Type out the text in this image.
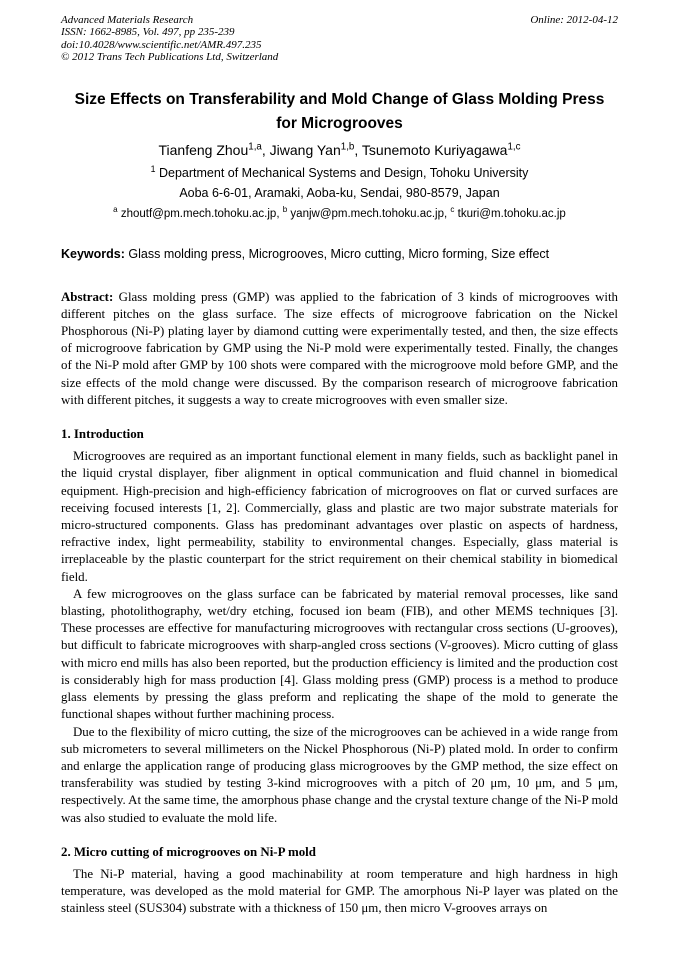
Advanced Materials Research
ISSN: 1662-8985, Vol. 497, pp 235-239
doi:10.4028/www.scientific.net/AMR.497.235
© 2012 Trans Tech Publications Ltd, Switzerland
Online: 2012-04-12
Size Effects on Transferability and Mold Change of Glass Molding Press for Microgrooves
Tianfeng Zhou$^{1,a}$, Jiwang Yan$^{1,b}$, Tsunemoto Kuriyagawa$^{1,c}$
$^1$ Department of Mechanical Systems and Design, Tohoku University
Aoba 6-6-01, Aramaki, Aoba-ku, Sendai, 980-8579, Japan
$^a$ zhoutf@pm.mech.tohoku.ac.jp, $^b$ yanjw@pm.mech.tohoku.ac.jp, $^c$ tkuri@m.tohoku.ac.jp
Keywords: Glass molding press, Microgrooves, Micro cutting, Micro forming, Size effect

Abstract: Glass molding press (GMP) was applied to the fabrication of 3 kinds of microgrooves with different pitches on the glass surface. The size effects of microgroove fabrication on the Nickel Phosphorous (Ni-P) plating layer by diamond cutting were experimentally tested, and then, the size effects of microgroove fabrication by GMP using the Ni-P mold were experimentally tested. Finally, the changes of the Ni-P mold after GMP by 100 shots were compared with the microgroove mold before GMP, and the size effects of the mold change were discussed. By the comparison research of microgroove fabrication with different pitches, it suggests a way to create microgrooves with even smaller size.

1. Introduction

Microgrooves are required as an important functional element in many fields, such as backlight panel in the liquid crystal displayer, fiber alignment in optical communication and fluid channel in biomedical equipment. High-precision and high-efficiency fabrication of microgrooves on flat or curved surfaces are receiving focused interests [1, 2]. Commercially, glass and plastic are two major substrate materials for micro-structured components. Glass has predominant advantages over plastic on aspects of hardness, refractive index, light permeability, stability to environmental changes. Especially, glass material is irreplaceable by the plastic counterpart for the strict requirement on their chemical stability in biomedical field.

A few microgrooves on the glass surface can be fabricated by material removal processes, like sand blasting, photolithography, wet/dry etching, focused ion beam (FIB), and other MEMS techniques [3]. These processes are effective for manufacturing microgrooves with rectangular cross sections (U-grooves), but difficult to fabricate microgrooves with sharp-angled cross sections (V-grooves). Micro cutting of glass with micro end mills has also been reported, but the production efficiency is limited and the production cost is considerably high for mass production [4]. Glass molding press (GMP) process is a method to produce glass elements by pressing the glass preform and replicating the shape of the mold to generate the functional shapes without further machining process.

Due to the flexibility of micro cutting, the size of the microgrooves can be achieved in a wide range from sub micrometers to several millimeters on the Nickel Phosphorous (Ni-P) plated mold. In order to confirm and enlarge the application range of producing glass microgrooves by the GMP method, the size effect on transferability was studied by testing 3-kind microgrooves with a pitch of 20 μm, 10 μm, and 5 μm, respectively. At the same time, the amorphous phase change and the crystal texture change of the Ni-P mold was also studied to evaluate the mold life.

2. Micro cutting of microgrooves on Ni-P mold

The Ni-P material, having a good machinability at room temperature and high hardness in high temperature, was developed as the mold material for GMP. The amorphous Ni-P layer was plated on the stainless steel (SUS304) substrate with a thickness of 150 μm, then micro V-grooves arrays on
